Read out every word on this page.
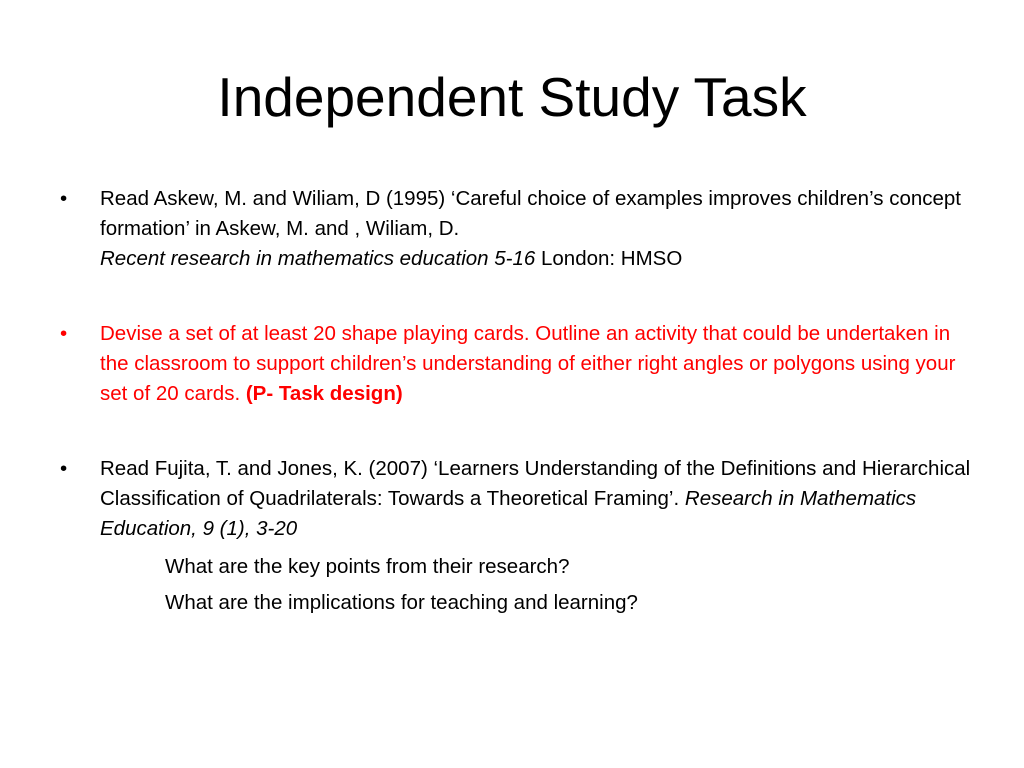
Independent Study Task
• Read Askew, M. and Wiliam, D (1995) ‘Careful choice of examples improves children’s concept formation’ in Askew, M. and , Wiliam, D.
Recent research in mathematics education 5-16 London: HMSO
• Devise a set of at least 20 shape playing cards. Outline an activity that could be undertaken in the classroom to support children’s understanding of either right angles or polygons using your set of 20 cards. (P- Task design)
• Read Fujita, T. and Jones, K. (2007) ‘Learners Understanding of the Definitions and Hierarchical Classification of Quadrilaterals: Towards a Theoretical Framing’. Research in Mathematics Education, 9 (1), 3-20
What are the key points from their research?
What are the implications for teaching and learning?
